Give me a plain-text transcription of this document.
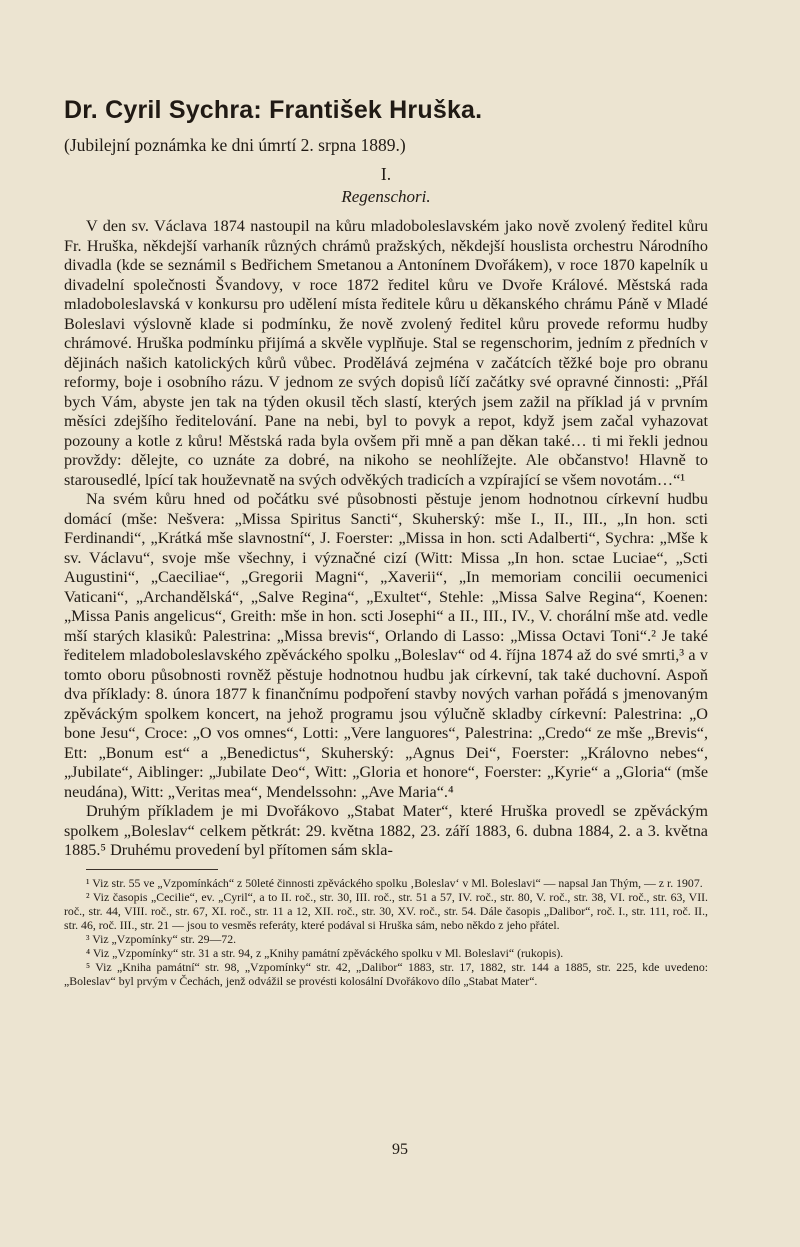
Dr. Cyril Sychra: František Hruška.
(Jubilejní poznámka ke dni úmrtí 2. srpna 1889.)
I.
Regenschori.

V den sv. Václava 1874 nastoupil na kůru mladoboleslavském jako nově zvolený ředitel kůru Fr. Hruška, někdejší varhaník různých chrámů pražských, někdejší houslista orchestru Národního divadla (kde se seznámil s Bedřichem Smetanou a Antonínem Dvořákem), v roce 1870 kapelník u divadelní společnosti Švandovy, v roce 1872 ředitel kůru ve Dvoře Králové. Městská rada mladoboleslavská v konkursu pro udělení místa ředitele kůru u děkanského chrámu Páně v Mladé Boleslavi výslovně klade si podmínku, že nově zvolený ředitel kůru provede reformu hudby chrámové. Hruška podmínku přijímá a skvěle vyplňuje. Stal se regenschorim, jedním z předních v dějinách našich katolických kůrů vůbec. Prodělává zejména v začátcích těžké boje pro obranu reformy, boje i osobního rázu. V jednom ze svých dopisů líčí začátky své opravné činnosti: „Přál bych Vám, abyste jen tak na týden okusil těch slastí, kterých jsem zažil na příklad já v prvním měsíci zdejšího ředitelování. Pane na nebi, byl to povyk a repot, když jsem začal vyhazovat pozouny a kotle z kůru! Městská rada byla ovšem při mně a pan děkan také… ti mi řekli jednou provždy: dělejte, co uznáte za dobré, na nikoho se neohlížejte. Ale občanstvo! Hlavně to starousedlé, lpící tak houževnatě na svých odvěkých tradicích a vzpírající se všem novotám…“¹

Na svém kůru hned od počátku své působnosti pěstuje jenom hodnotnou církevní hudbu domácí (mše: Nešvera: „Missa Spiritus Sancti“, Skuherský: mše I., II., III., „In hon. scti Ferdinandi“, „Krátká mše slavnostní“, J. Foerster: „Missa in hon. scti Adalberti“, Sychra: „Mše k sv. Václavu“, svoje mše všechny, i význačné cizí (Witt: Missa „In hon. sctae Luciae“, „Scti Augustini“, „Caeciliae“, „Gregorii Magni“, „Xaverii“, „In memoriam concilii oecumenici Vaticani“, „Archandělská“, „Salve Regina“, „Exultet“, Stehle: „Missa Salve Regina“, Koenen: „Missa Panis angelicus“, Greith: mše in hon. scti Josephi“ a II., III., IV., V. chorální mše atd. vedle mší starých klasiků: Palestrina: „Missa brevis“, Orlando di Lasso: „Missa Octavi Toni“.² Je také ředitelem mladoboleslavského zpěváckého spolku „Boleslav“ od 4. října 1874 až do své smrti,³ a v tomto oboru působnosti rovněž pěstuje hodnotnou hudbu jak církevní, tak také duchovní. Aspoň dva příklady: 8. února 1877 k finančnímu podpoření stavby nových varhan pořádá s jmenovaným zpěváckým spolkem koncert, na jehož programu jsou výlučně skladby církevní: Palestrina: „O bone Jesu“, Croce: „O vos omnes“, Lotti: „Vere languores“, Palestrina: „Credo“ ze mše „Brevis“, Ett: „Bonum est“ a „Benedictus“, Skuherský: „Agnus Dei“, Foerster: „Královno nebes“, „Jubilate“, Aiblinger: „Jubilate Deo“, Witt: „Gloria et honore“, Foerster: „Kyrie“ a „Gloria“ (mše neudána), Witt: „Veritas mea“, Mendelssohn: „Ave Maria“.⁴

Druhým příkladem je mi Dvořákovo „Stabat Mater“, které Hruška provedl se zpěváckým spolkem „Boleslav“ celkem pětkrát: 29. května 1882, 23. září 1883, 6. dubna 1884, 2. a 3. května 1885.⁵ Druhému provedení byl přítomen sám skla-

¹ Viz str. 55 ve „Vzpomínkách“ z 50leté činnosti zpěváckého spolku ‚Boleslav‘ v Ml. Boleslavi“ — napsal Jan Thým, — z r. 1907.

² Viz časopis „Cecilie“, ev. „Cyril“, a to II. roč., str. 30, III. roč., str. 51 a 57, IV. roč., str. 80, V. roč., str. 38, VI. roč., str. 63, VII. roč., str. 44, VIII. roč., str. 67, XI. roč., str. 11 a 12, XII. roč., str. 30, XV. roč., str. 54. Dále časopis „Dalibor“, roč. I., str. 111, roč. II., str. 46, roč. III., str. 21 — jsou to vesměs referáty, které podával si Hruška sám, nebo někdo z jeho přátel.

³ Viz „Vzpomínky“ str. 29—72.

⁴ Viz „Vzpomínky“ str. 31 a str. 94, z „Knihy památní zpěváckého spolku v Ml. Boleslavi“ (rukopis).

⁵ Viz „Kniha památní“ str. 98, „Vzpomínky“ str. 42, „Dalibor“ 1883, str. 17, 1882, str. 144 a 1885, str. 225, kde uvedeno: „Boleslav“ byl prvým v Čechách, jenž odvážil se provésti kolosální Dvořákovo dílo „Stabat Mater“.

95
